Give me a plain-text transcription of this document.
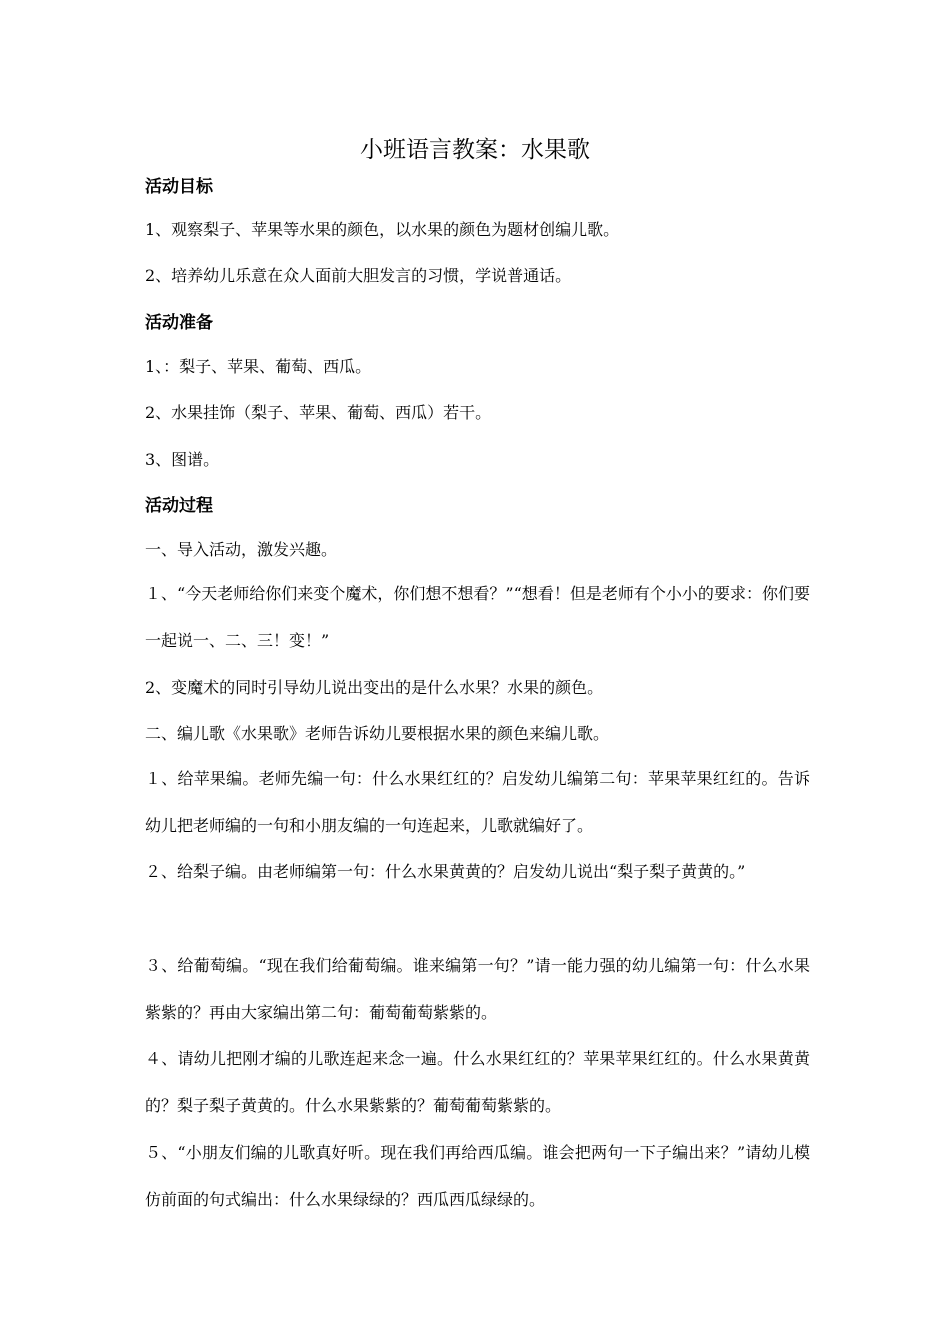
小班语言教案：水果歌
活动目标
1、观察梨子、苹果等水果的颜色，以水果的颜色为题材创编儿歌。
2、培养幼儿乐意在众人面前大胆发言的习惯，学说普通话。
活动准备
1、：梨子、苹果、葡萄、西瓜。
2、水果挂饰（梨子、苹果、葡萄、西瓜）若干。
3、图谱。
活动过程
一、导入活动，激发兴趣。
１、“今天老师给你们来变个魔术，你们想不想看？”“想看！但是老师有个小小的要求：你们要一起说一、二、三！变！”
2、变魔术的同时引导幼儿说出变出的是什么水果？水果的颜色。
二、编儿歌《水果歌》老师告诉幼儿要根据水果的颜色来编儿歌。
１、给苹果编。老师先编一句：什么水果红红的？启发幼儿编第二句：苹果苹果红红的。告诉幼儿把老师编的一句和小朋友编的一句连起来，儿歌就编好了。
２、给梨子编。由老师编第一句：什么水果黄黄的？启发幼儿说出“梨子梨子黄黄的。”
３、给葡萄编。“现在我们给葡萄编。谁来编第一句？”请一能力强的幼儿编第一句：什么水果紫紫的？再由大家编出第二句：葡萄葡萄紫紫的。
４、请幼儿把刚才编的儿歌连起来念一遍。什么水果红红的？苹果苹果红红的。什么水果黄黄的？梨子梨子黄黄的。什么水果紫紫的？葡萄葡萄紫紫的。
５、“小朋友们编的儿歌真好听。现在我们再给西瓜编。谁会把两句一下子编出来？”请幼儿模仿前面的句式编出：什么水果绿绿的？西瓜西瓜绿绿的。
